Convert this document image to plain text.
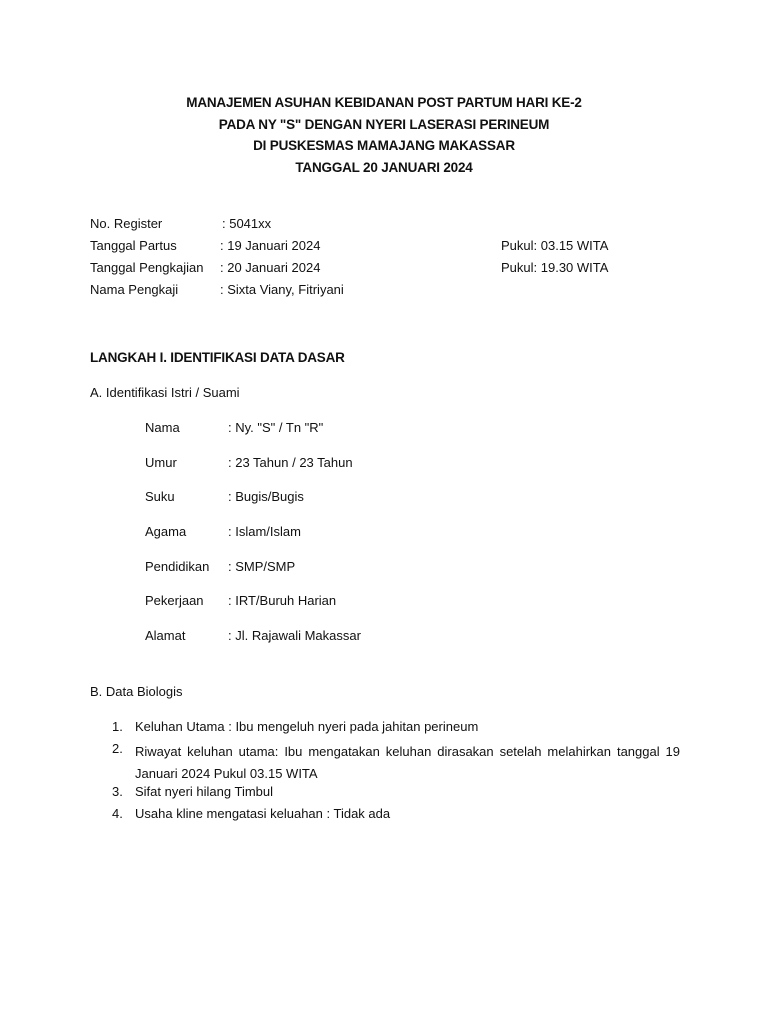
MANAJEMEN ASUHAN KEBIDANAN POST PARTUM HARI KE-2
PADA NY "S" DENGAN NYERI LASERASI PERINEUM
DI PUSKESMAS MAMAJANG MAKASSAR
TANGGAL 20 JANUARI 2024
No. Register	: 5041xx
Tanggal Partus	: 19 Januari 2024	Pukul: 03.15 WITA
Tanggal Pengkajian : 20 Januari 2024	Pukul: 19.30 WITA
Nama Pengkaji	: Sixta Viany, Fitriyani
LANGKAH I. IDENTIFIKASI DATA DASAR
A. Identifikasi Istri / Suami
Nama	: Ny. "S" / Tn "R"
Umur	: 23 Tahun / 23 Tahun
Suku	: Bugis/Bugis
Agama	: Islam/Islam
Pendidikan : SMP/SMP
Pekerjaan : IRT/Buruh Harian
Alamat	: Jl. Rajawali Makassar
B. Data Biologis
1. Keluhan Utama : Ibu mengeluh nyeri pada jahitan perineum
2. Riwayat keluhan utama: Ibu mengatakan keluhan dirasakan setelah melahirkan tanggal 19 Januari 2024 Pukul 03.15 WITA
3. Sifat nyeri hilang Timbul
4. Usaha kline mengatasi keluahan : Tidak ada
